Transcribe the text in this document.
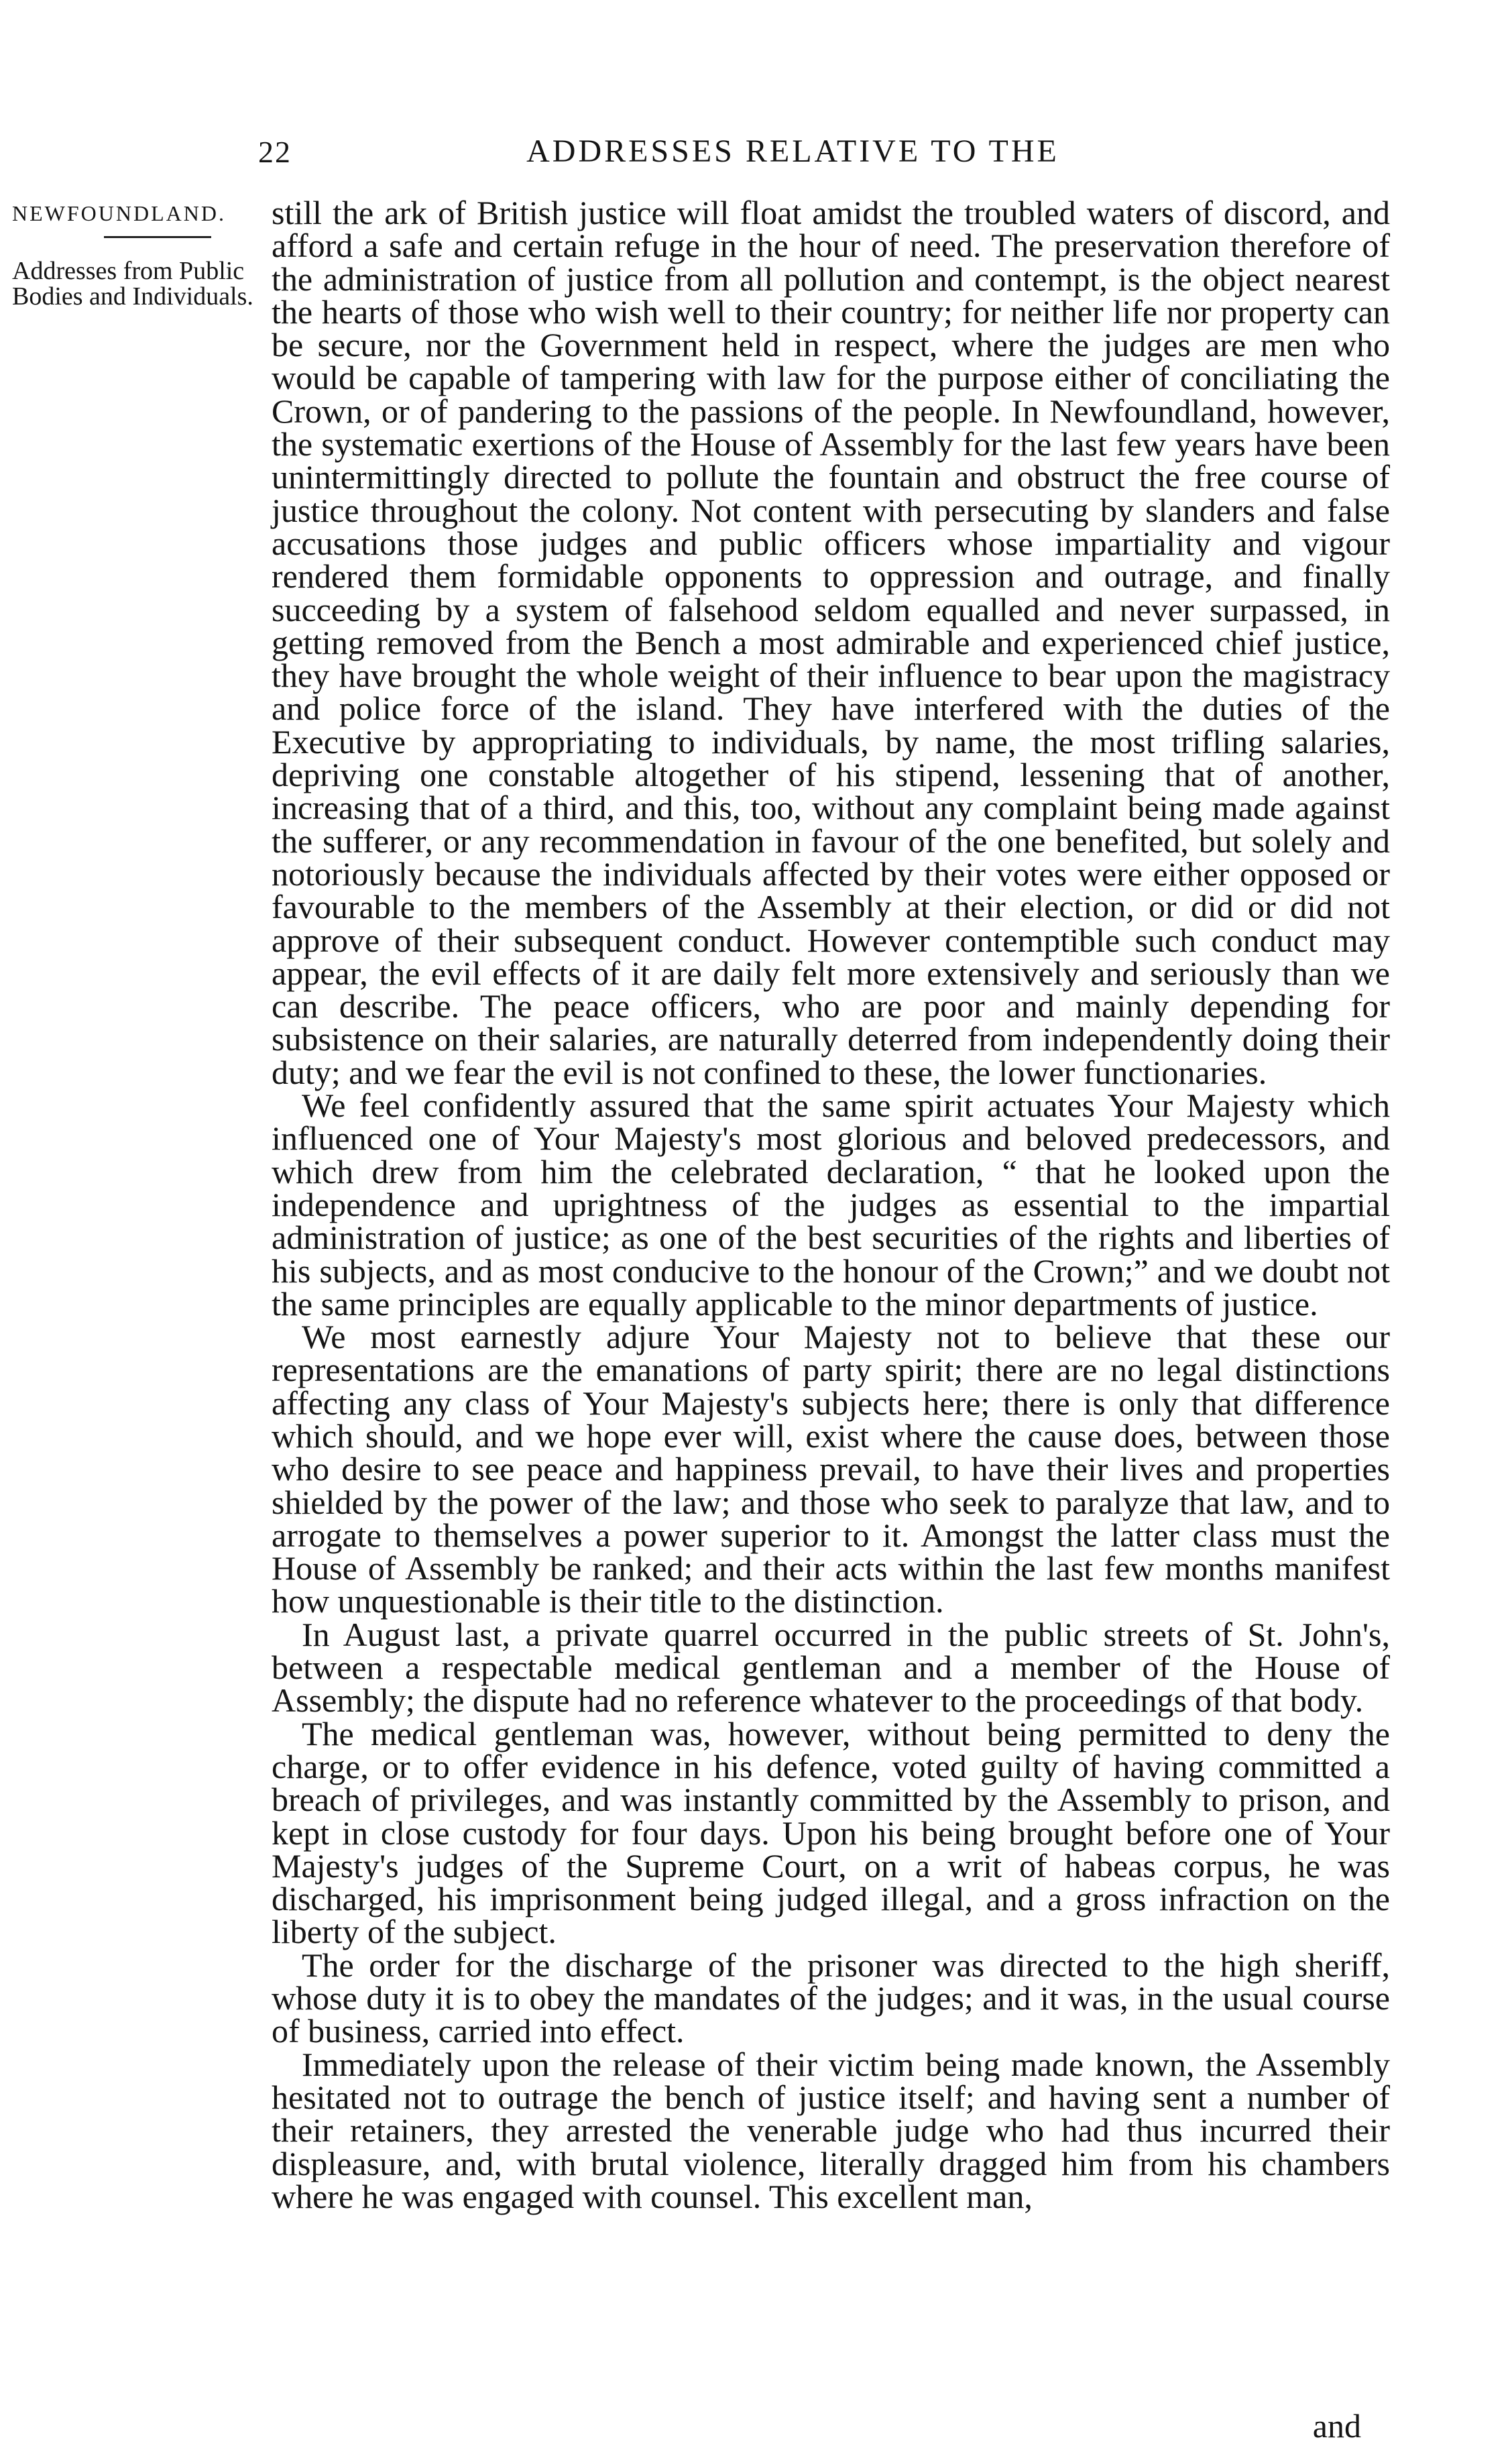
22	ADDRESSES RELATIVE TO THE
NEWFOUNDLAND.
Addresses from Public Bodies and Individuals.

still the ark of British justice will float amidst the troubled waters of discord, and afford a safe and certain refuge in the hour of need. The preservation therefore of the administration of justice from all pollution and contempt, is the object nearest the hearts of those who wish well to their country; for neither life nor property can be secure, nor the Government held in respect, where the judges are men who would be capable of tampering with law for the purpose either of conciliating the Crown, or of pandering to the passions of the people. In Newfoundland, however, the systematic exertions of the House of Assembly for the last few years have been unintermittingly directed to pollute the fountain and obstruct the free course of justice throughout the colony. Not content with persecuting by slanders and false accusations those judges and public officers whose impartiality and vigour rendered them formidable opponents to oppression and outrage, and finally succeeding by a system of falsehood seldom equalled and never surpassed, in getting removed from the Bench a most admirable and experienced chief justice, they have brought the whole weight of their influence to bear upon the magistracy and police force of the island. They have interfered with the duties of the Executive by appropriating to individuals, by name, the most trifling salaries, depriving one constable altogether of his stipend, lessening that of another, increasing that of a third, and this, too, without any complaint being made against the sufferer, or any recommendation in favour of the one benefited, but solely and notoriously because the individuals affected by their votes were either opposed or favourable to the members of the Assembly at their election, or did or did not approve of their subsequent conduct. However contemptible such conduct may appear, the evil effects of it are daily felt more extensively and seriously than we can describe. The peace officers, who are poor and mainly depending for subsistence on their salaries, are naturally deterred from independently doing their duty; and we fear the evil is not confined to these, the lower functionaries.

We feel confidently assured that the same spirit actuates Your Majesty which influenced one of Your Majesty's most glorious and beloved predecessors, and which drew from him the celebrated declaration, “ that he looked upon the independence and uprightness of the judges as essential to the impartial administration of justice; as one of the best securities of the rights and liberties of his subjects, and as most conducive to the honour of the Crown;” and we doubt not the same principles are equally applicable to the minor departments of justice.

We most earnestly adjure Your Majesty not to believe that these our representations are the emanations of party spirit; there are no legal distinctions affecting any class of Your Majesty's subjects here; there is only that difference which should, and we hope ever will, exist where the cause does, between those who desire to see peace and happiness prevail, to have their lives and properties shielded by the power of the law; and those who seek to paralyze that law, and to arrogate to themselves a power superior to it. Amongst the latter class must the House of Assembly be ranked; and their acts within the last few months manifest how unquestionable is their title to the distinction.

In August last, a private quarrel occurred in the public streets of St. John's, between a respectable medical gentleman and a member of the House of Assembly; the dispute had no reference whatever to the proceedings of that body.

The medical gentleman was, however, without being permitted to deny the charge, or to offer evidence in his defence, voted guilty of having committed a breach of privileges, and was instantly committed by the Assembly to prison, and kept in close custody for four days. Upon his being brought before one of Your Majesty's judges of the Supreme Court, on a writ of habeas corpus, he was discharged, his imprisonment being judged illegal, and a gross infraction on the liberty of the subject.

The order for the discharge of the prisoner was directed to the high sheriff, whose duty it is to obey the mandates of the judges; and it was, in the usual course of business, carried into effect.

Immediately upon the release of their victim being made known, the Assembly hesitated not to outrage the bench of justice itself; and having sent a number of their retainers, they arrested the venerable judge who had thus incurred their displeasure, and, with brutal violence, literally dragged him from his chambers where he was engaged with counsel. This excellent man,

and
